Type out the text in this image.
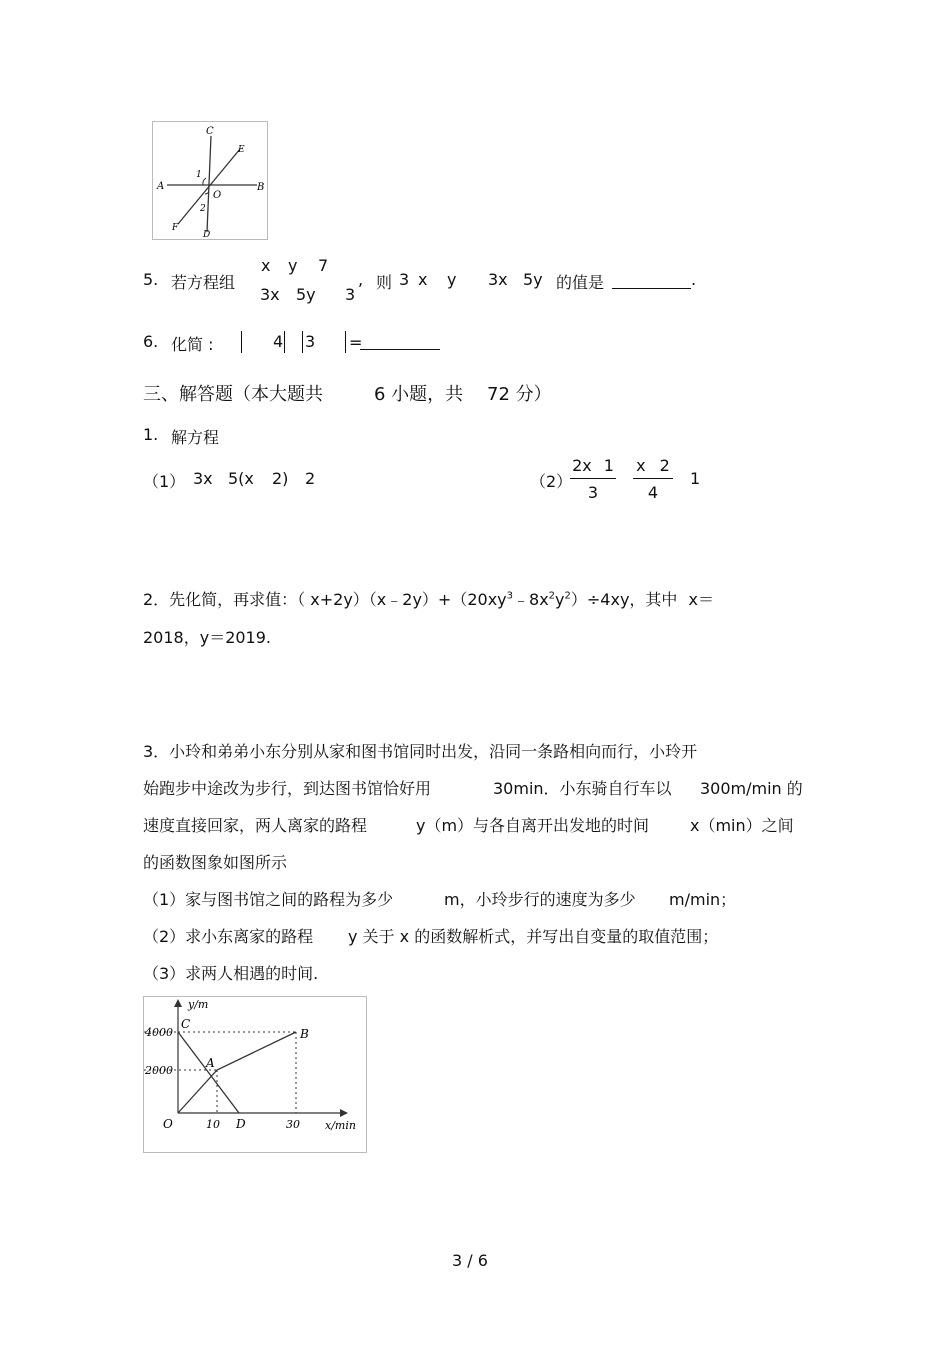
C
E
A	B
O
F
D
1
2
5. 若方程组
x y 7
3x 5y 3
, 则 3 x y 3x 5y 的值是	.
6. 化简 :	4 3 =
三、解答题（本大题共	6 小题，共 72 分）
1. 解方程
（1） 3x 5(x 2) 2	（2）
2x 1
3
x 2
4
1
2．先化简，再求值：（ $x+2y)(x﹣2y)+(20xy^3﹣8x^2y^2)\div 4xy$，其中 x＝
2018，y＝2019.
3．小玲和弟弟小东分别从家和图书馆同时出发，沿同一条路相向而行，小玲开
始跑步中途改为步行，到达图书馆恰好用	30min．小东骑自行车以 300m/min 的
速度直接回家，两人离家的路程	y（m）与各自离开出发地的时间	x（min）之间
的函数图象如图所示
（1）家与图书馆之间的路程为多少	m，小玲步行的速度为多少 m/min；
（2）求小东离家的路程 y 关于 x 的函数解析式，并写出自变量的取值范围；
（3）求两人相遇的时间.
y/m
x/min
4000
2000
10	30
C
B
A
O	D
3 / 6
